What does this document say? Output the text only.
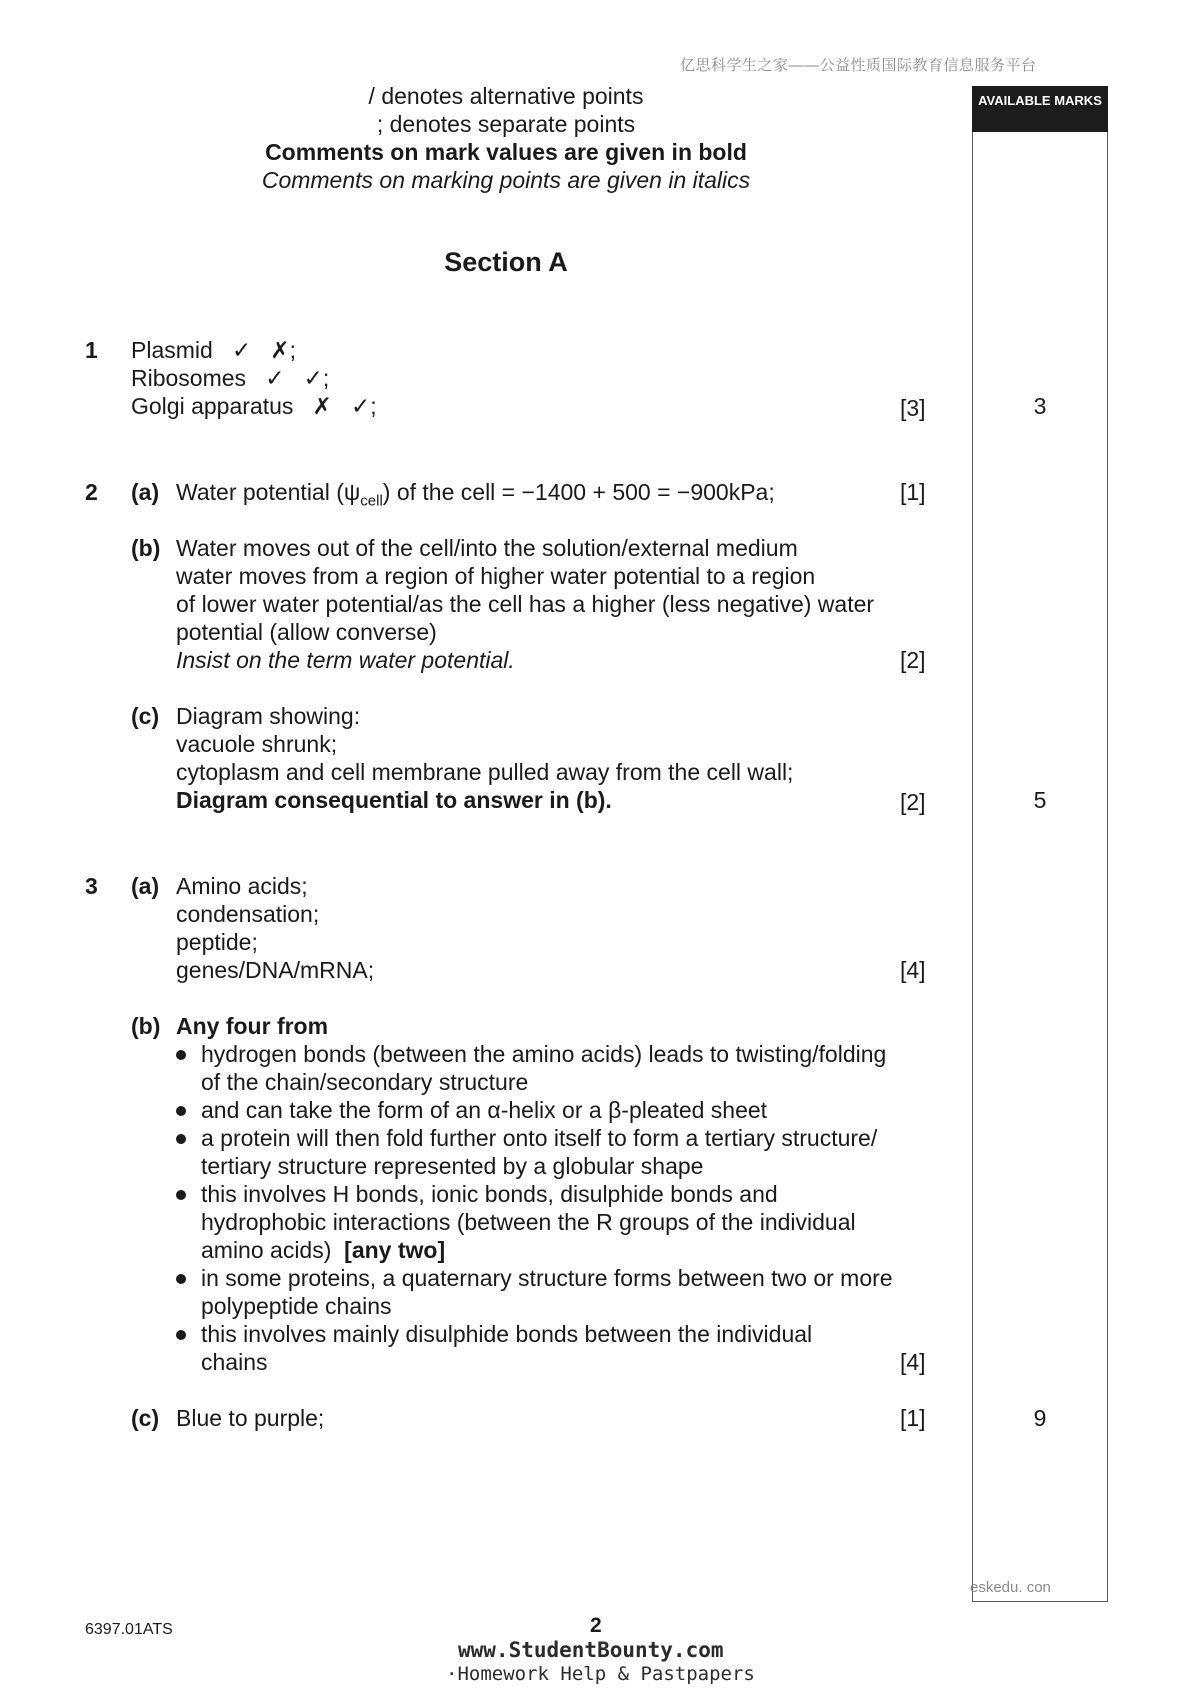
亿思科学生之家——公益性质国际教育信息服务平台
AVAILABLE MARKS
/ denotes alternative points
; denotes separate points
Comments on mark values are given in bold
Comments on marking points are given in italics
Section A
1 Plasmid   ✓   ✗;
Ribosomes   ✓   ✓;
Golgi apparatus   ✗   ✓;	[3]	3
2 (a) Water potential $(\psi_{cell})$ of the cell = −1400 + 500 = −900kPa;	[1]
(b) Water moves out of the cell/into the solution/external medium
water moves from a region of higher water potential to a region
of lower water potential/as the cell has a higher (less negative) water
potential (allow converse)
Insist on the term water potential.	[2]
(c) Diagram showing:
vacuole shrunk;
cytoplasm and cell membrane pulled away from the cell wall;
Diagram consequential to answer in (b).	[2]	5
3 (a) Amino acids;
condensation;
peptide;
genes/DNA/mRNA;	[4]
(b) Any four from
hydrogen bonds (between the amino acids) leads to twisting/folding
of the chain/secondary structure
and can take the form of an α-helix or a β-pleated sheet
a protein will then fold further onto itself to form a tertiary structure/
tertiary structure represented by a globular shape
this involves H bonds, ionic bonds, disulphide bonds and
hydrophobic interactions (between the R groups of the individual
amino acids) [any two]
in some proteins, a quaternary structure forms between two or more
polypeptide chains
this involves mainly disulphide bonds between the individual
chains	[4]
(c) Blue to purple;	[1]	9
eskedu. con
6397.01ATS	2
www.StudentBounty.com
·Homework Help & Pastpapers
